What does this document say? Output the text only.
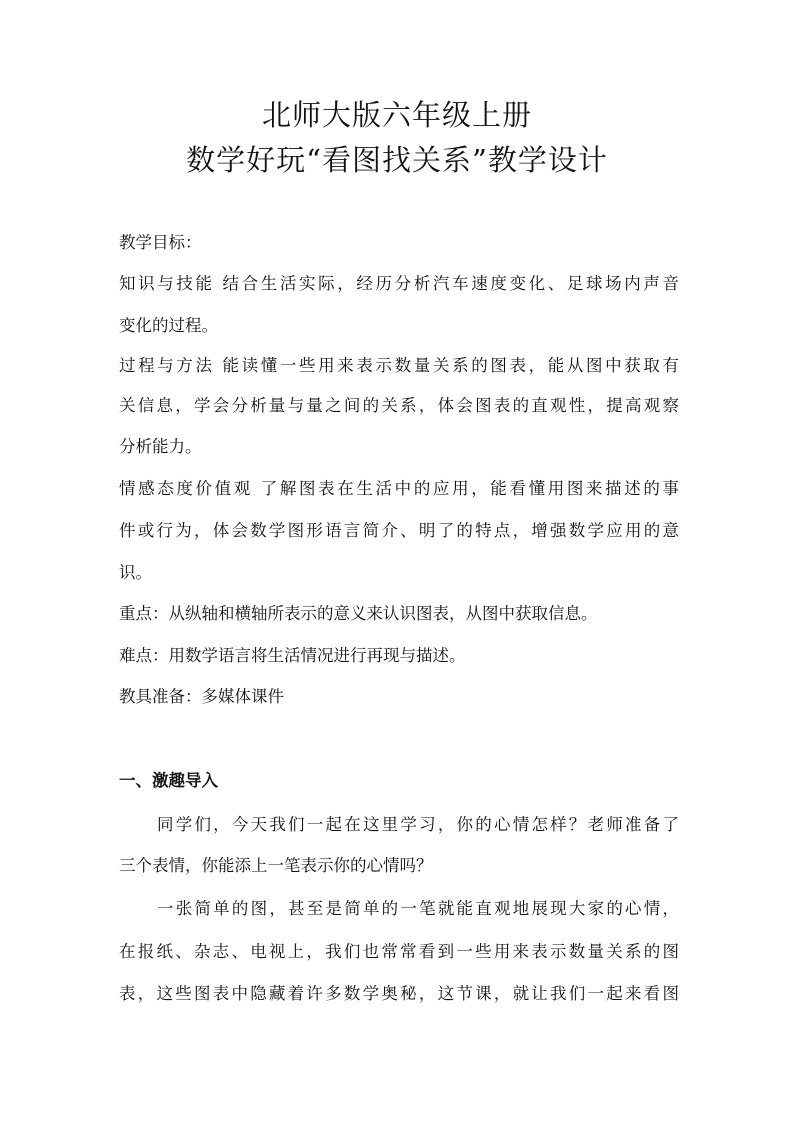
北师大版六年级上册
数学好玩“看图找关系”教学设计
教学目标：
知识与技能 结合生活实际，经历分析汽车速度变化、足球场内声音
变化的过程。
过程与方法 能读懂一些用来表示数量关系的图表，能从图中获取有
关信息，学会分析量与量之间的关系，体会图表的直观性，提高观察
分析能力。
情感态度价值观 了解图表在生活中的应用，能看懂用图来描述的事
件或行为，体会数学图形语言简介、明了的特点，增强数学应用的意
识。
重点：从纵轴和横轴所表示的意义来认识图表，从图中获取信息。
难点：用数学语言将生活情况进行再现与描述。
教具准备：多媒体课件
一、激趣导入
同学们，今天我们一起在这里学习，你的心情怎样？老师准备了
三个表情，你能添上一笔表示你的心情吗？
一张简单的图，甚至是简单的一笔就能直观地展现大家的心情，
在报纸、杂志、电视上，我们也常常看到一些用来表示数量关系的图
表，这些图表中隐藏着许多数学奥秘，这节课，就让我们一起来看图
